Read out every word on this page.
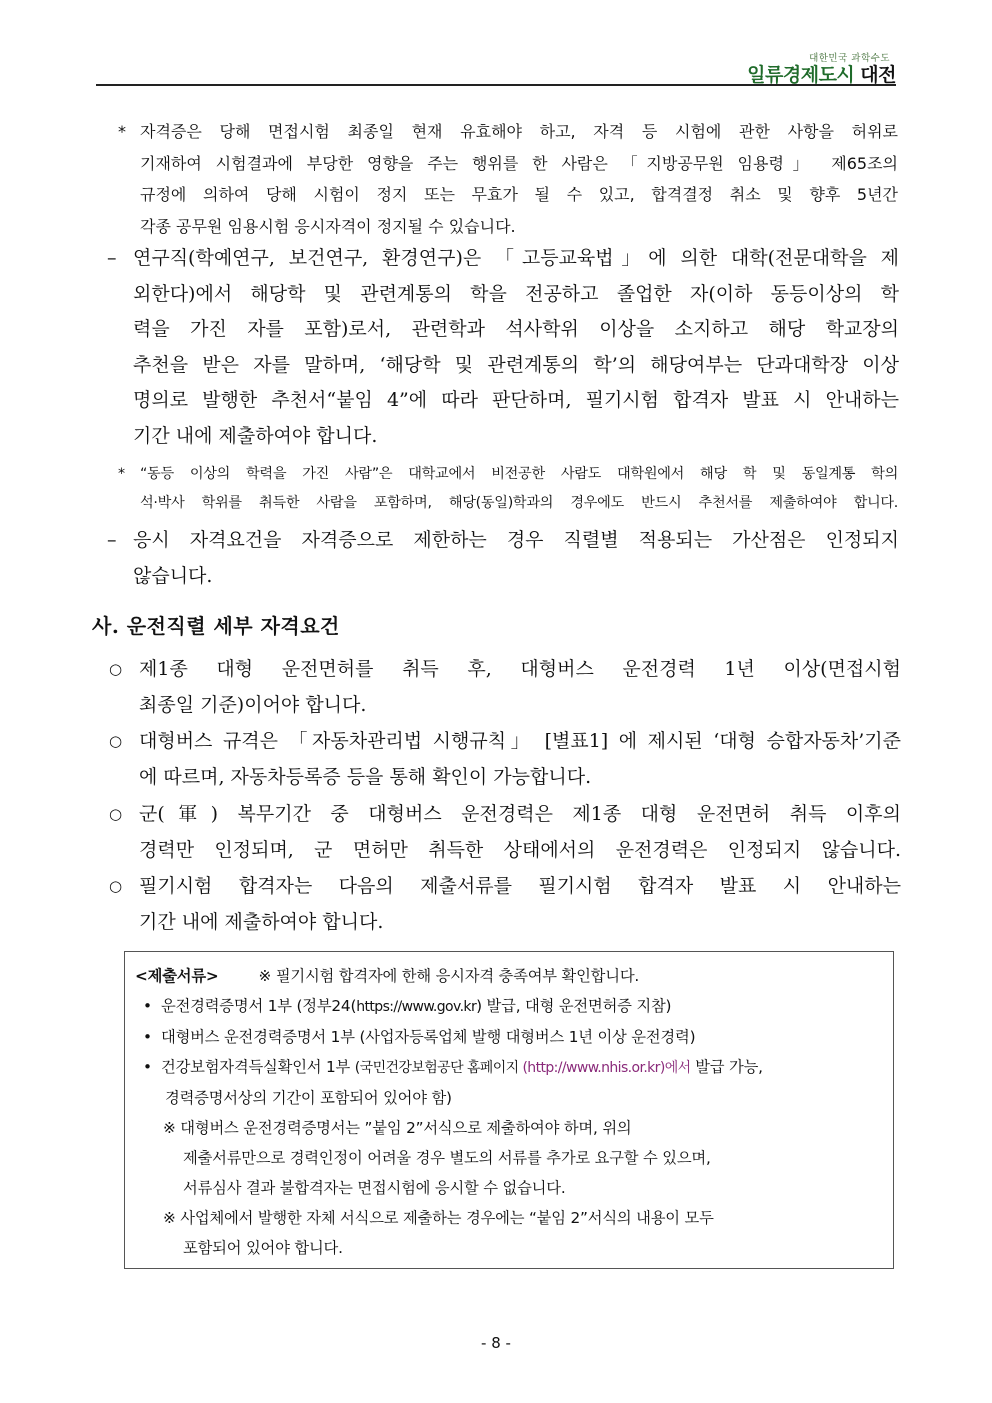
대한민국 과학수도
일류경제도시 대전
* 자격증은 당해 면접시험 최종일 현재 유효해야 하고, 자격 등 시험에 관한 사항을 허위로
기재하여 시험결과에 부당한 영향을 주는 행위를 한 사람은 「지방공무원 임용령」 제65조의
규정에 의하여 당해 시험이 정지 또는 무효가 될 수 있고, 합격결정 취소 및 향후 5년간
각종 공무원 임용시험 응시자격이 정지될 수 있습니다.
– 연구직(학예연구, 보건연구, 환경연구)은 「고등교육법」에 의한 대학(전문대학을 제
외한다)에서 해당학 및 관련계통의 학을 전공하고 졸업한 자(이하 동등이상의 학
력을 가진 자를 포함)로서, 관련학과 석사학위 이상을 소지하고 해당 학교장의
추천을 받은 자를 말하며, ‘해당학 및 관련계통의 학’의 해당여부는 단과대학장 이상
명의로 발행한 추천서“붙임 4”에 따라 판단하며, 필기시험 합격자 발표 시 안내하는
기간 내에 제출하여야 합니다.
* “동등 이상의 학력을 가진 사람”은 대학교에서 비전공한 사람도 대학원에서 해당 학 및 동일계통 학의
석·박사 학위를 취득한 사람을 포함하며, 해당(동일)학과의 경우에도 반드시 추천서를 제출하여야 합니다.
– 응시 자격요건을 자격증으로 제한하는 경우 직렬별 적용되는 가산점은 인정되지
않습니다.
사. 운전직렬 세부 자격요건
○ 제1종 대형 운전면허를 취득 후, 대형버스 운전경력 1년 이상(면접시험
최종일 기준)이어야 합니다.
○ 대형버스 규격은 「자동차관리법 시행규칙」 [별표1] 에 제시된 ‘대형 승합자동차’기준
에 따르며, 자동차등록증 등을 통해 확인이 가능합니다.
○ 군(軍) 복무기간 중 대형버스 운전경력은 제1종 대형 운전면허 취득 이후의
경력만 인정되며, 군 면허만 취득한 상태에서의 운전경력은 인정되지 않습니다.
○ 필기시험 합격자는 다음의 제출서류를 필기시험 합격자 발표 시 안내하는
기간 내에 제출하여야 합니다.
<제출서류>	※ 필기시험 합격자에 한해 응시자격 충족여부 확인합니다.
• 운전경력증명서 1부 (정부24(https://www.gov.kr) 발급, 대형 운전면허증 지참)
• 대형버스 운전경력증명서 1부 (사업자등록업체 발행 대형버스 1년 이상 운전경력)
• 건강보험자격득실확인서 1부 (국민건강보험공단 홈페이지 (http://www.nhis.or.kr)에서 발급 가능,
경력증명서상의 기간이 포함되어 있어야 함)
※ 대형버스 운전경력증명서는 ”붙임 2”서식으로 제출하여야 하며, 위의
제출서류만으로 경력인정이 어려울 경우 별도의 서류를 추가로 요구할 수 있으며,
서류심사 결과 불합격자는 면접시험에 응시할 수 없습니다.
※ 사업체에서 발행한 자체 서식으로 제출하는 경우에는 “붙임 2”서식의 내용이 모두
포함되어 있어야 합니다.
- 8 -
